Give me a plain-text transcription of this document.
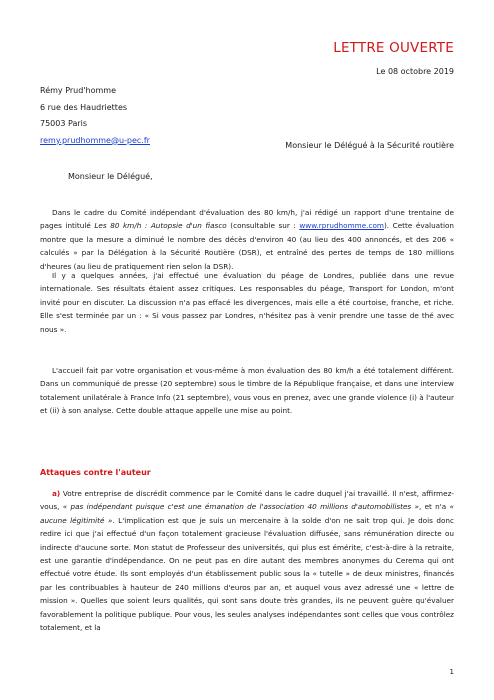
LETTRE OUVERTE
Le 08 octobre 2019
Rémy Prud'homme
6 rue des Haudriettes
75003 Paris
remy.prudhomme@u-pec.fr
Monsieur le Délégué à la Sécurité routière
Monsieur le Délégué,
Dans le cadre du Comité indépendant d'évaluation des 80 km/h, j'ai rédigé un rapport d'une trentaine de pages intitulé Les 80 km/h : Autopsie d'un fiasco (consultable sur : www.rprudhomme.com). Cette évaluation montre que la mesure a diminué le nombre des décès d'environ 40 (au lieu des 400 annoncés, et des 206 « calculés » par la Délégation à la Sécurité Routière (DSR), et entraîné des pertes de temps de 180 millions d'heures (au lieu de pratiquement rien selon la DSR).
Il y a quelques années, j'ai effectué une évaluation du péage de Londres, publiée dans une revue internationale. Ses résultats étaient assez critiques. Les responsables du péage, Transport for London, m'ont invité pour en discuter. La discussion n'a pas effacé les divergences, mais elle a été courtoise, franche, et riche. Elle s'est terminée par un : « Si vous passez par Londres, n'hésitez pas à venir prendre une tasse de thé avec nous ».
L'accueil fait par votre organisation et vous-même à mon évaluation des 80 km/h a été totalement différent. Dans un communiqué de presse (20 septembre) sous le timbre de la République française, et dans une interview totalement unilatérale à France Info (21 septembre), vous vous en prenez, avec une grande violence (i) à l'auteur et (ii) à son analyse. Cette double attaque appelle une mise au point.
Attaques contre l'auteur
a) Votre entreprise de discrédit commence par le Comité dans le cadre duquel j'ai travaillé. Il n'est, affirmez-vous, « pas indépendant puisque c'est une émanation de l'association 40 millions d'automobilistes », et n'a « aucune légitimité ». L'implication est que je suis un mercenaire à la solde d'on ne sait trop qui. Je dois donc redire ici que j'ai effectué d'un façon totalement gracieuse l'évaluation diffusée, sans rémunération directe ou indirecte d'aucune sorte. Mon statut de Professeur des universités, qui plus est émérite, c'est-à-dire à la retraite, est une garantie d'indépendance. On ne peut pas en dire autant des membres anonymes du Cerema qui ont effectué votre étude. Ils sont employés d'un établissement public sous la « tutelle » de deux ministres, financés par les contribuables à hauteur de 240 millions d'euros par an, et auquel vous avez adressé une « lettre de mission ». Quelles que soient leurs qualités, qui sont sans doute très grandes, ils ne peuvent guère qu'évaluer favorablement la politique publique. Pour vous, les seules analyses indépendantes sont celles que vous contrôlez totalement, et la
1
